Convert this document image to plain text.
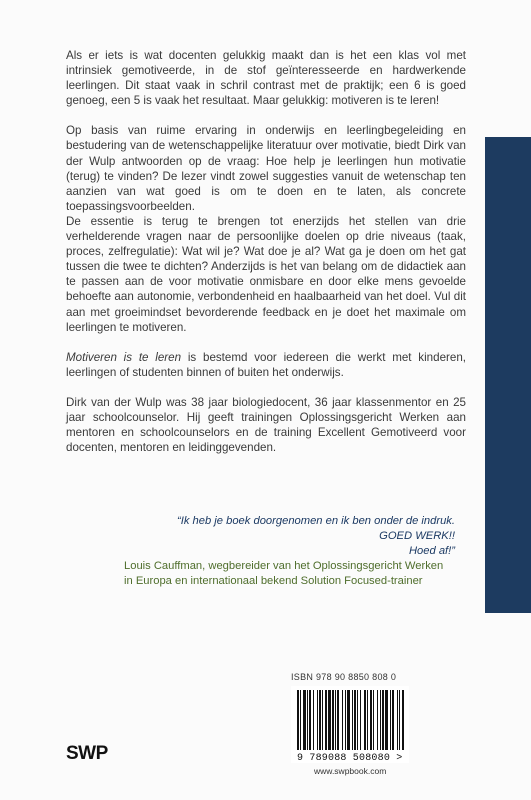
Als er iets is wat docenten gelukkig maakt dan is het een klas vol met intrinsiek gemotiveerde, in de stof geïnteresseerde en hardwerkende leerlingen. Dit staat vaak in schril contrast met de praktijk; een 6 is goed genoeg, een 5 is vaak het resultaat. Maar gelukkig: motiveren is te leren!

Op basis van ruime ervaring in onderwijs en leerlingbegeleiding en bestudering van de wetenschappelijke literatuur over motivatie, biedt Dirk van der Wulp antwoorden op de vraag: Hoe help je leerlingen hun motivatie (terug) te vinden? De lezer vindt zowel suggesties vanuit de wetenschap ten aanzien van wat goed is om te doen en te laten, als concrete toepassingsvoorbeelden.

De essentie is terug te brengen tot enerzijds het stellen van drie verhelderende vragen naar de persoonlijke doelen op drie niveaus (taak, proces, zelfregulatie): Wat wil je? Wat doe je al? Wat ga je doen om het gat tussen die twee te dichten? Anderzijds is het van belang om de didactiek aan te passen aan de voor motivatie onmisbare en door elke mens gevoelde behoefte aan autonomie, verbondenheid en haalbaarheid van het doel. Vul dit aan met groeimindset bevorderende feedback en je doet het maximale om leerlingen te motiveren.

Motiveren is te leren is bestemd voor iedereen die werkt met kinderen, leerlingen of studenten binnen of buiten het onderwijs.

Dirk van der Wulp was 38 jaar biologiedocent, 36 jaar klassenmentor en 25 jaar schoolcounselor. Hij geeft trainingen Oplossingsgericht Werken aan mentoren en schoolcounselors en de training Excellent Gemotiveerd voor docenten, mentoren en leidinggevenden.

“Ik heb je boek doorgenomen en ik ben onder de indruk.
GOED WERK!!
Hoed af!”
Louis Cauffman, wegbereider van het Oplossingsgericht Werken in Europa en internationaal bekend Solution Focused-trainer
ISBN 978 90 8850 808 0
9 789088 508080 >
www.swpbook.com
SWP
